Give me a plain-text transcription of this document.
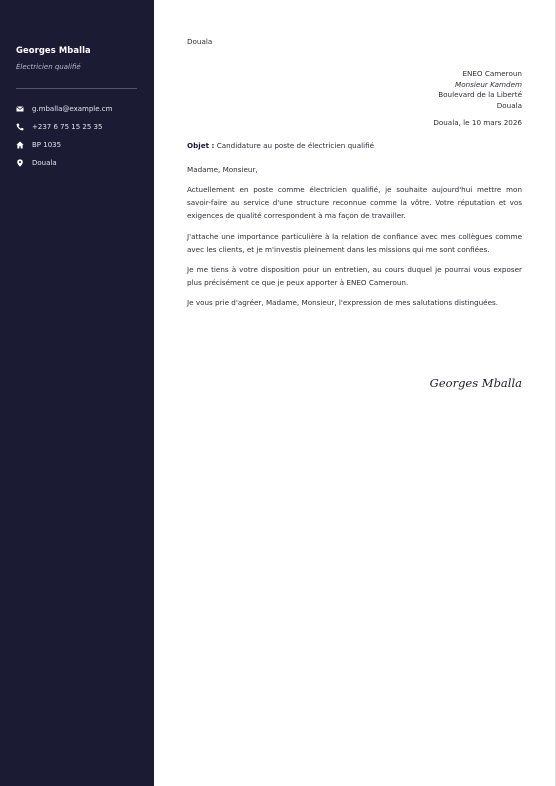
Georges Mballa
Électricien qualifié
g.mballa@example.cm
+237 6 75 15 25 35
BP 1035
Douala
Douala
ENEO Cameroun
Monsieur Kamdem
Boulevard de la Liberté
Douala
Douala, le 10 mars 2026
Objet : Candidature au poste de électricien qualifié
Madame, Monsieur,

Actuellement en poste comme électricien qualifié, je souhaite aujourd'hui mettre mon savoir-faire au service d'une structure reconnue comme la vôtre. Votre réputation et vos exigences de qualité correspondent à ma façon de travailler.

J'attache une importance particulière à la relation de confiance avec mes collègues comme avec les clients, et je m'investis pleinement dans les missions qui me sont confiées.

Je me tiens à votre disposition pour un entretien, au cours duquel je pourrai vous exposer plus précisément ce que je peux apporter à ENEO Cameroun.

Je vous prie d'agréer, Madame, Monsieur, l'expression de mes salutations distinguées.

Georges Mballa
